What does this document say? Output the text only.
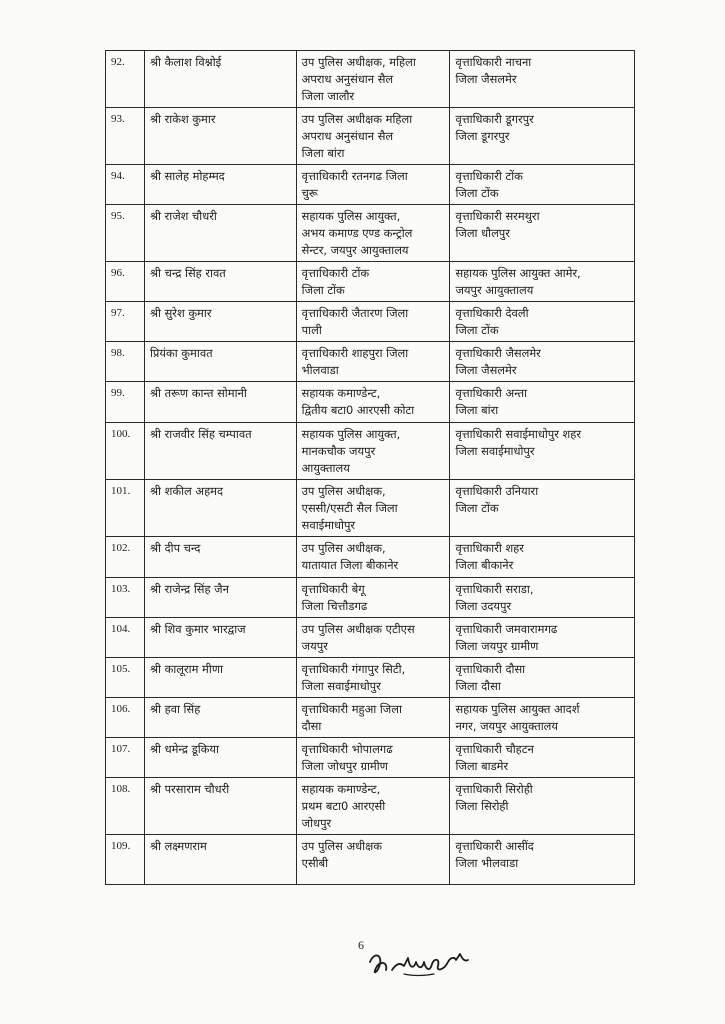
92.	श्री कैलाश विश्नोई	उप पुलिस अधीक्षक, महिला
अपराध अनुसंधान सैल
जिला जालौर	वृत्ताधिकारी नाचना
जिला जैसलमेर
93.	श्री राकेश कुमार	उप पुलिस अधीक्षक महिला
अपराध अनुसंधान सैल
जिला बांरा	वृत्ताधिकारी डूगरपुर
जिला डूगरपुर
94.	श्री सालेह मोहम्मद	वृत्ताधिकारी रतनगढ जिला
चुरू	वृत्ताधिकारी टोंक
जिला टोंक
95.	श्री राजेश चौधरी	सहायक पुलिस आयुक्त,
अभय कमाण्ड एण्ड कन्ट्रोल
सेन्टर, जयपुर आयुक्तालय	वृत्ताधिकारी सरमथुरा
जिला धौलपुर
96.	श्री चन्द्र सिंह रावत	वृत्ताधिकारी टोंक
जिला टोंक	सहायक पुलिस आयुक्त आमेर,
जयपुर आयुक्तालय
97.	श्री सुरेश कुमार	वृत्ताधिकारी जैतारण जिला
पाली	वृत्ताधिकारी देवली
जिला टोंक
98.	प्रियंका कुमावत	वृत्ताधिकारी शाहपुरा जिला
भीलवाडा	वृत्ताधिकारी जैसलमेर
जिला जैसलमेर
99.	श्री तरूण कान्त सोमानी	सहायक कमाण्डेन्ट,
द्वितीय बटा0 आरएसी कोटा	वृत्ताधिकारी अन्ता
जिला बांरा
100.	श्री राजवीर सिंह चम्पावत	सहायक पुलिस आयुक्त,
मानकचौक जयपुर
आयुक्तालय	वृत्ताधिकारी सवाईमाधोपुर शहर
जिला सवाईमाधोपुर
101.	श्री शकील अहमद	उप पुलिस अधीक्षक,
एससी/एसटी सैल जिला
सवाईमाधोपुर	वृत्ताधिकारी उनियारा
जिला टोंक
102.	श्री दीप चन्द	उप पुलिस अधीक्षक,
यातायात जिला बीकानेर	वृत्ताधिकारी शहर
जिला बीकानेर
103.	श्री राजेन्द्र सिंह जैन	वृत्ताधिकारी बेगू
जिला चित्तौडगढ	वृत्ताधिकारी सराडा,
जिला उदयपुर
104.	श्री शिव कुमार भारद्वाज	उप पुलिस अधीक्षक एटीएस
जयपुर	वृत्ताधिकारी जमवारामगढ
जिला जयपुर ग्रामीण
105.	श्री कालूराम मीणा	वृत्ताधिकारी गंगापुर सिटी,
जिला सवाईमाधोपुर	वृत्ताधिकारी दौसा
जिला दौसा
106.	श्री हवा सिंह	वृत्ताधिकारी महुआ जिला
दौसा	सहायक पुलिस आयुक्त आदर्श
नगर, जयपुर आयुक्तालय
107.	श्री धमेन्द्र डूकिया	वृत्ताधिकारी भोपालगढ
जिला जोधपुर ग्रामीण	वृत्ताधिकारी चौहटन
जिला बाडमेर
108.	श्री परसाराम चौधरी	सहायक कमाण्डेन्ट,
प्रथम बटा0 आरएसी
जोधपुर	वृत्ताधिकारी सिरोही
जिला सिरोही
109.	श्री लक्ष्मणराम	उप पुलिस अधीक्षक
एसीबी	वृत्ताधिकारी आसींद
जिला भीलवाडा
6
